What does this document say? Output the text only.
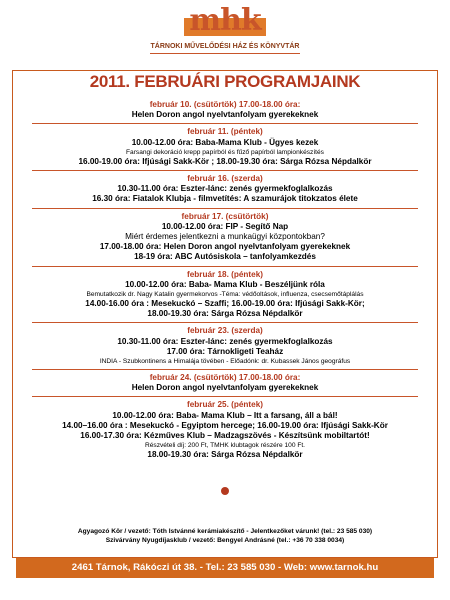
mhk
TÁRNOKI MŰVELŐDÉSI HÁZ ÉS KÖNYVTÁR
2011. FEBRUÁRI PROGRAMJAINK
február 10. (csütörtök) 17.00-18.00 óra:
Helen Doron angol nyelvtanfolyam gyerekeknek
február 11. (péntek)
10.00-12.00 óra: Baba-Mama Klub - Ügyes kezek
Farsangi dekoráció krepp papírból és fűző papírból lampionkészítés
16.00-19.00 óra: Ifjúsági Sakk-Kör ; 18.00-19.30 óra: Sárga Rózsa Népdalkör
február 16. (szerda)
10.30-11.00 óra: Eszter-lánc: zenés gyermekfoglalkozás
16.30 óra: Fiatalok Klubja - filmvetítés: A szamurájok titokzatos élete
február 17. (csütörtök)
10.00-12.00 óra: FIP - Segítő Nap
Miért érdemes jelentkezni a munkaügyi központokban?
17.00-18.00 óra: Helen Doron angol nyelvtanfolyam gyerekeknek
18-19 óra: ABC Autósiskola – tanfolyamkezdés
február 18. (péntek)
10.00-12.00 óra: Baba- Mama Klub - Beszéljünk róla
Bemutatkozik dr. Nagy Katalin gyermekorvos -Téma: védőoltások, influenza, csecsemőtáplálás
14.00-16.00 óra : Mesekuckó – Szaffi; 16.00-19.00 óra: Ifjúsági Sakk-Kör;
18.00-19.30 óra: Sárga Rózsa Népdalkör
február 23. (szerda)
10.30-11.00 óra: Eszter-lánc: zenés gyermekfoglalkozás
17.00 óra: Tárnokligeti Teaház
INDIA - Szubkontinens a Himalája tövében - Előadónk: dr. Kubassek János geográfus
február 24. (csütörtök) 17.00-18.00 óra:
Helen Doron angol nyelvtanfolyam gyerekeknek
február 25. (péntek)
10.00-12.00 óra: Baba- Mama Klub – Itt a farsang, áll a bál!
14.00–16.00 óra : Mesekuckó - Egyiptom hercege; 16.00-19.00 óra: Ifjúsági Sakk-Kör
16.00-17.30 óra: Kézműves Klub – Madzagszövés - Készítsünk mobiltartót!
Részvételi díj: 200 Ft, TMHK klubtagok részére 100 Ft.
18.00-19.30 óra: Sárga Rózsa Népdalkör
Agyagozó Kör / vezető: Tóth Istvánné kerámiakészítő - Jelentkezőket várunk! (tel.: 23 585 030)
Szivárvány Nyugdíjasklub / vezető: Bengyel Andrásné (tel.: +36 70 338 0034)
2461 Tárnok, Rákóczi út 38. - Tel.: 23 585 030 - Web: www.tarnok.hu
